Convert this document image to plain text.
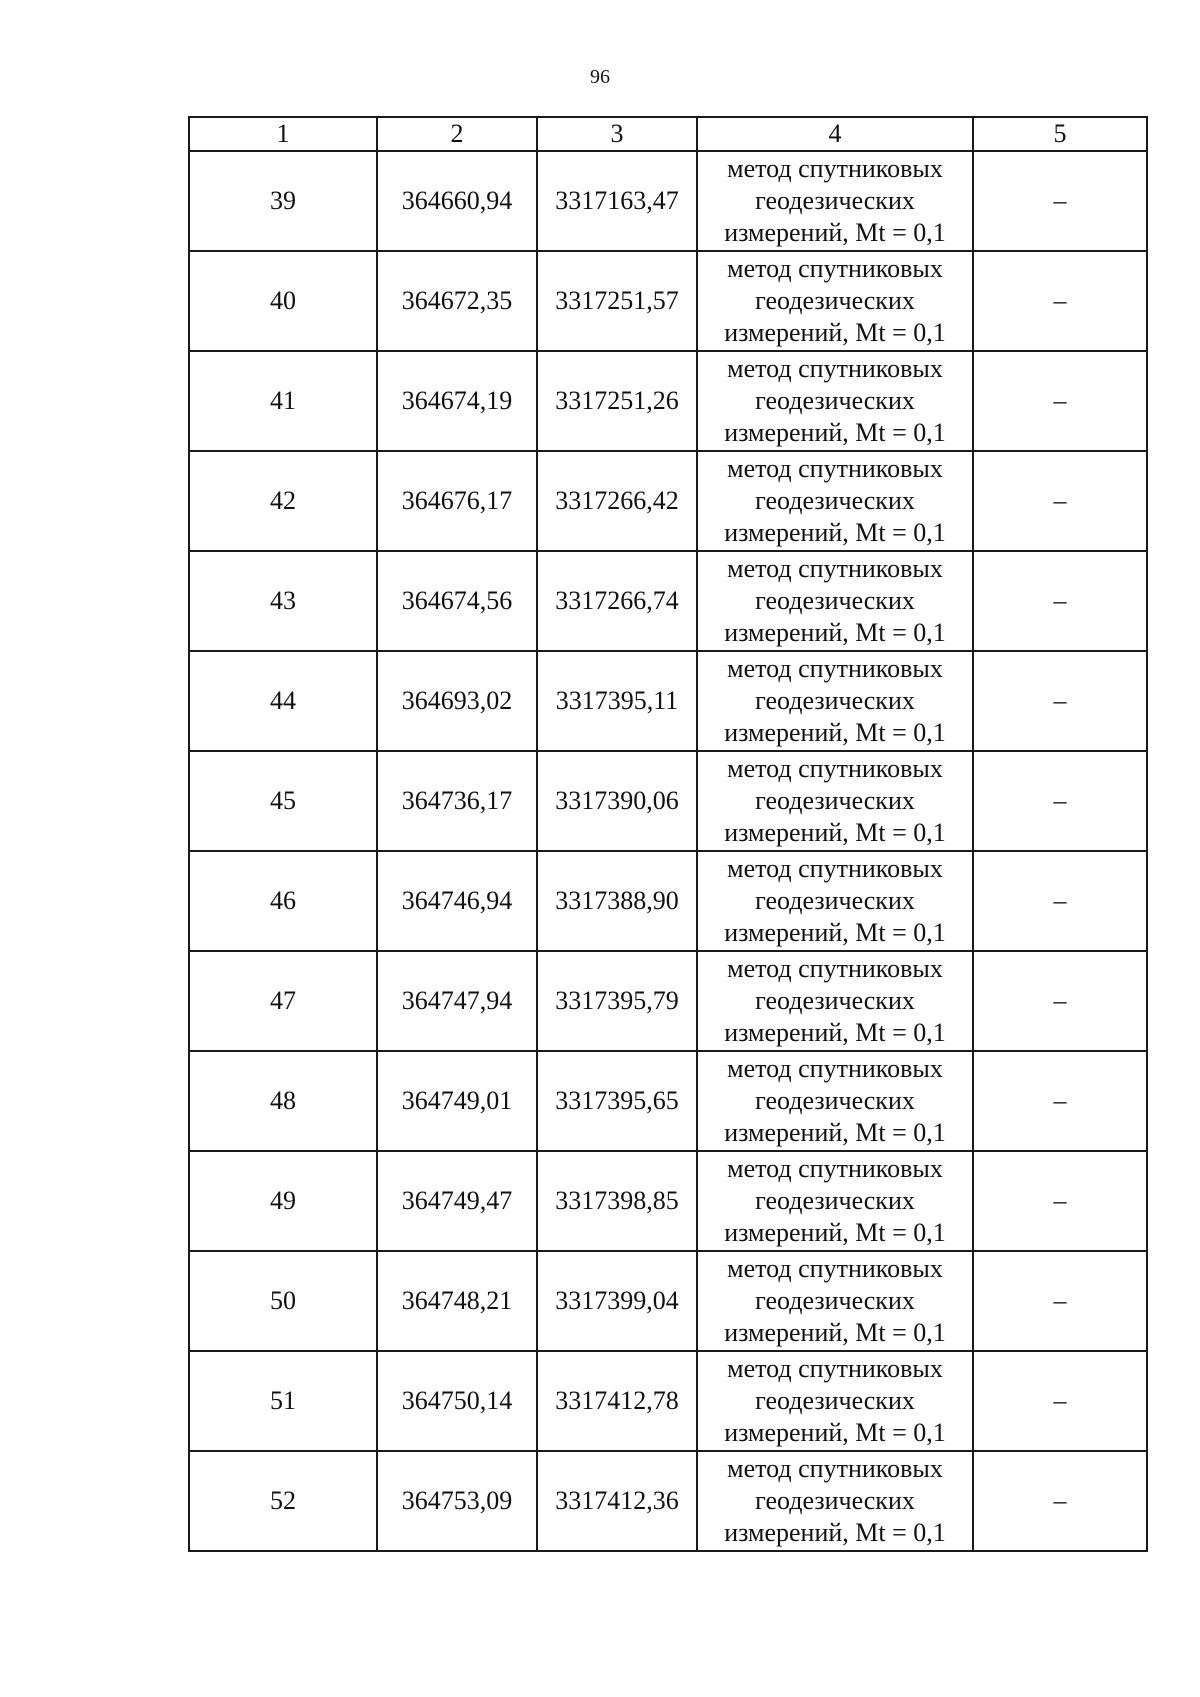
96
1	2	3	4	5
39	364660,94	3317163,47	метод спутниковых
геодезических
измерений, Mt = 0,1	–
40	364672,35	3317251,57	метод спутниковых
геодезических
измерений, Mt = 0,1	–
41	364674,19	3317251,26	метод спутниковых
геодезических
измерений, Mt = 0,1	–
42	364676,17	3317266,42	метод спутниковых
геодезических
измерений, Mt = 0,1	–
43	364674,56	3317266,74	метод спутниковых
геодезических
измерений, Mt = 0,1	–
44	364693,02	3317395,11	метод спутниковых
геодезических
измерений, Mt = 0,1	–
45	364736,17	3317390,06	метод спутниковых
геодезических
измерений, Mt = 0,1	–
46	364746,94	3317388,90	метод спутниковых
геодезических
измерений, Mt = 0,1	–
47	364747,94	3317395,79	метод спутниковых
геодезических
измерений, Mt = 0,1	–
48	364749,01	3317395,65	метод спутниковых
геодезических
измерений, Mt = 0,1	–
49	364749,47	3317398,85	метод спутниковых
геодезических
измерений, Mt = 0,1	–
50	364748,21	3317399,04	метод спутниковых
геодезических
измерений, Mt = 0,1	–
51	364750,14	3317412,78	метод спутниковых
геодезических
измерений, Mt = 0,1	–
52	364753,09	3317412,36	метод спутниковых
геодезических
измерений, Mt = 0,1	–
